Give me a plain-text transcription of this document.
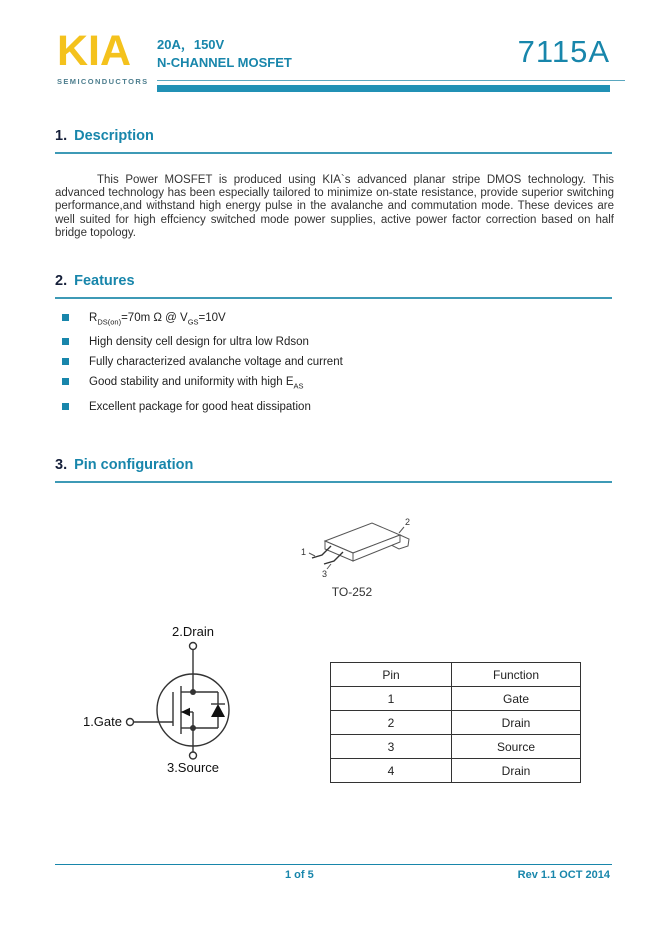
KIA
SEMICONDUCTORS
20A，150V
N-CHANNEL MOSFET	7115A
1. Description

This Power MOSFET is produced using KIA`s advanced planar stripe DMOS technology. This advanced technology has been especially tailored to minimize on-state resistance, provide superior switching performance,and withstand high energy pulse in the avalanche and commutation mode. These devices are well suited for high effciency switched mode power supplies, active power factor correction based on half bridge topology.

2. Features
$R_{DS(on)}=70m$ Ω @ $V_{GS}=10V$
High density cell design for ultra low Rdson
Fully characterized avalanche voltage and current
Good stability and uniformity with high $E_{AS}$
Excellent package for good heat dissipation
3. Pin configuration
2
1
3
TO-252
2.Drain
1.Gate
3.Source
Pin	Function
1	Gate
2	Drain
3	Source
4	Drain
1 of 5	Rev 1.1 OCT 2014
